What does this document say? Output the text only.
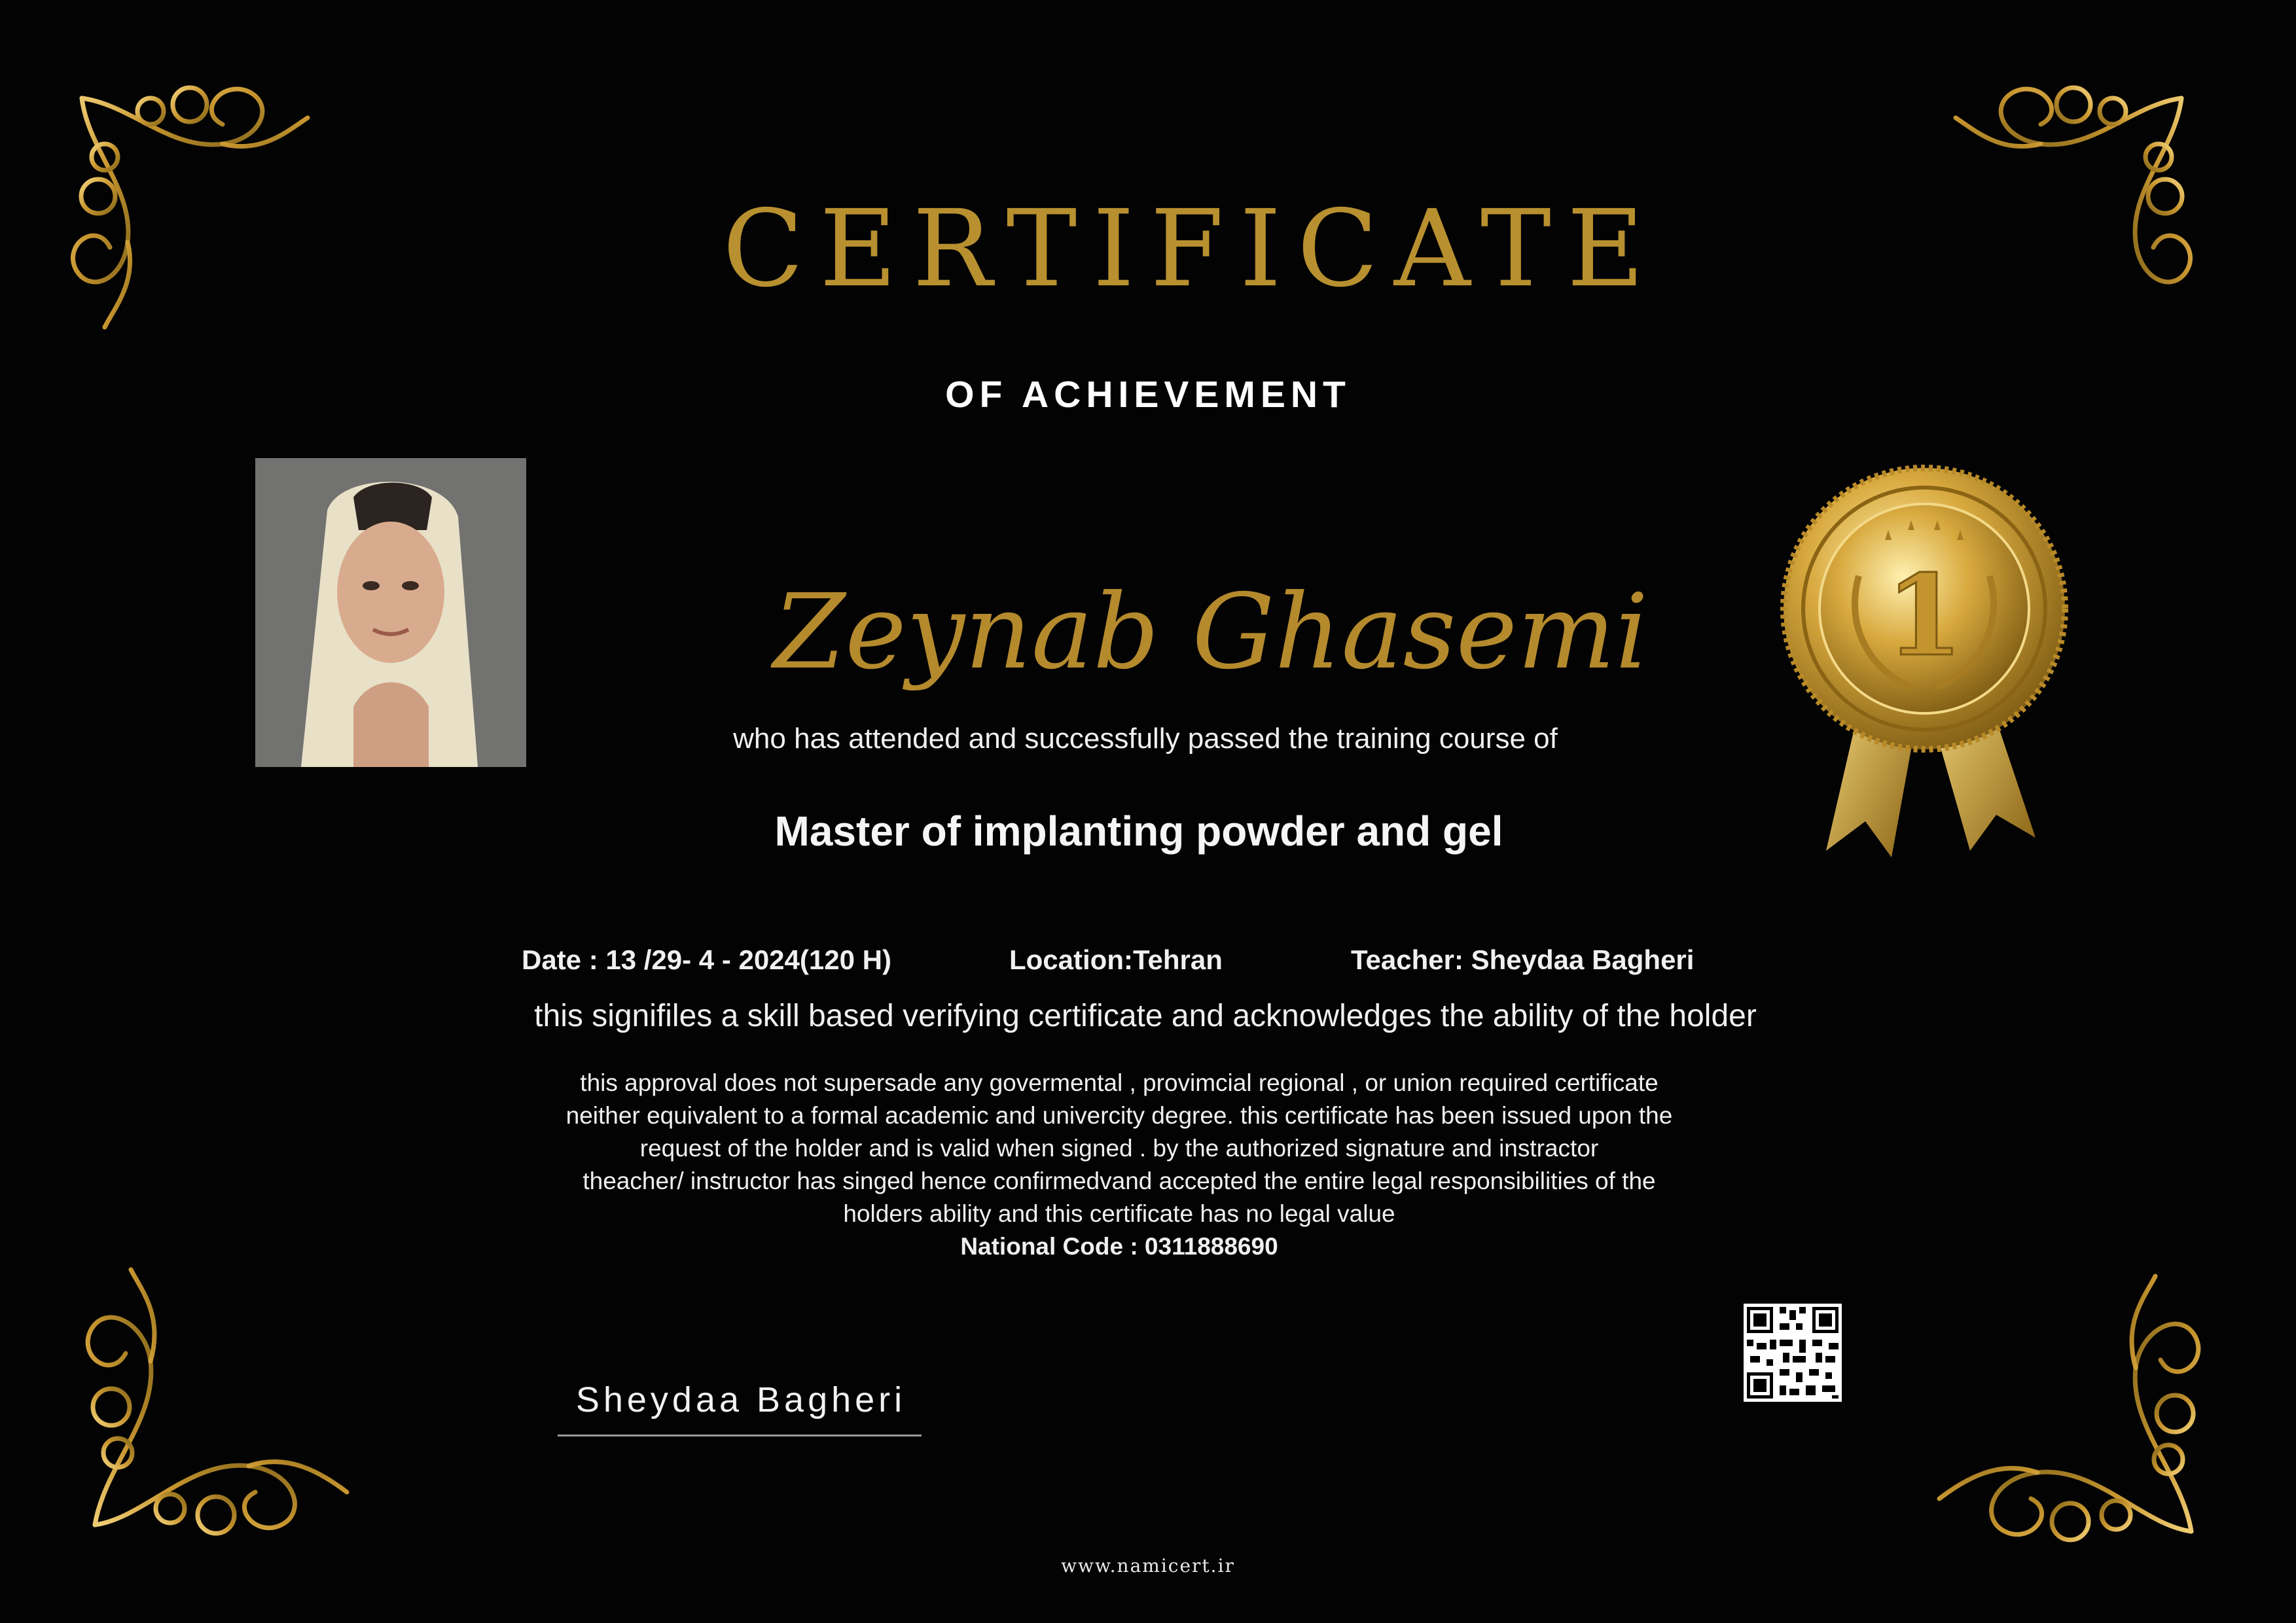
CERTIFICATE
OF ACHIEVEMENT
1
Zeynab Ghasemi
who has attended and successfully passed the training course of
Master of implanting powder and gel
Date : 13 /29- 4 - 2024(120 H)	Location:Tehran	Teacher: Sheydaa Bagheri
this signifiles a skill based verifying certificate and acknowledges the ability of the holder
this approval does not supersade any govermental , provimcial regional , or union required certificate
neither equivalent to a formal academic and univercity degree. this certificate has been issued upon the
request of the holder and is valid when signed . by the authorized signature and instractor
theacher/ instructor has singed hence confirmedvand accepted the entire legal responsibilities of the
holders ability and this certificate has no legal value
National Code : 0311888690
Sheydaa Bagheri
www.namicert.ir
